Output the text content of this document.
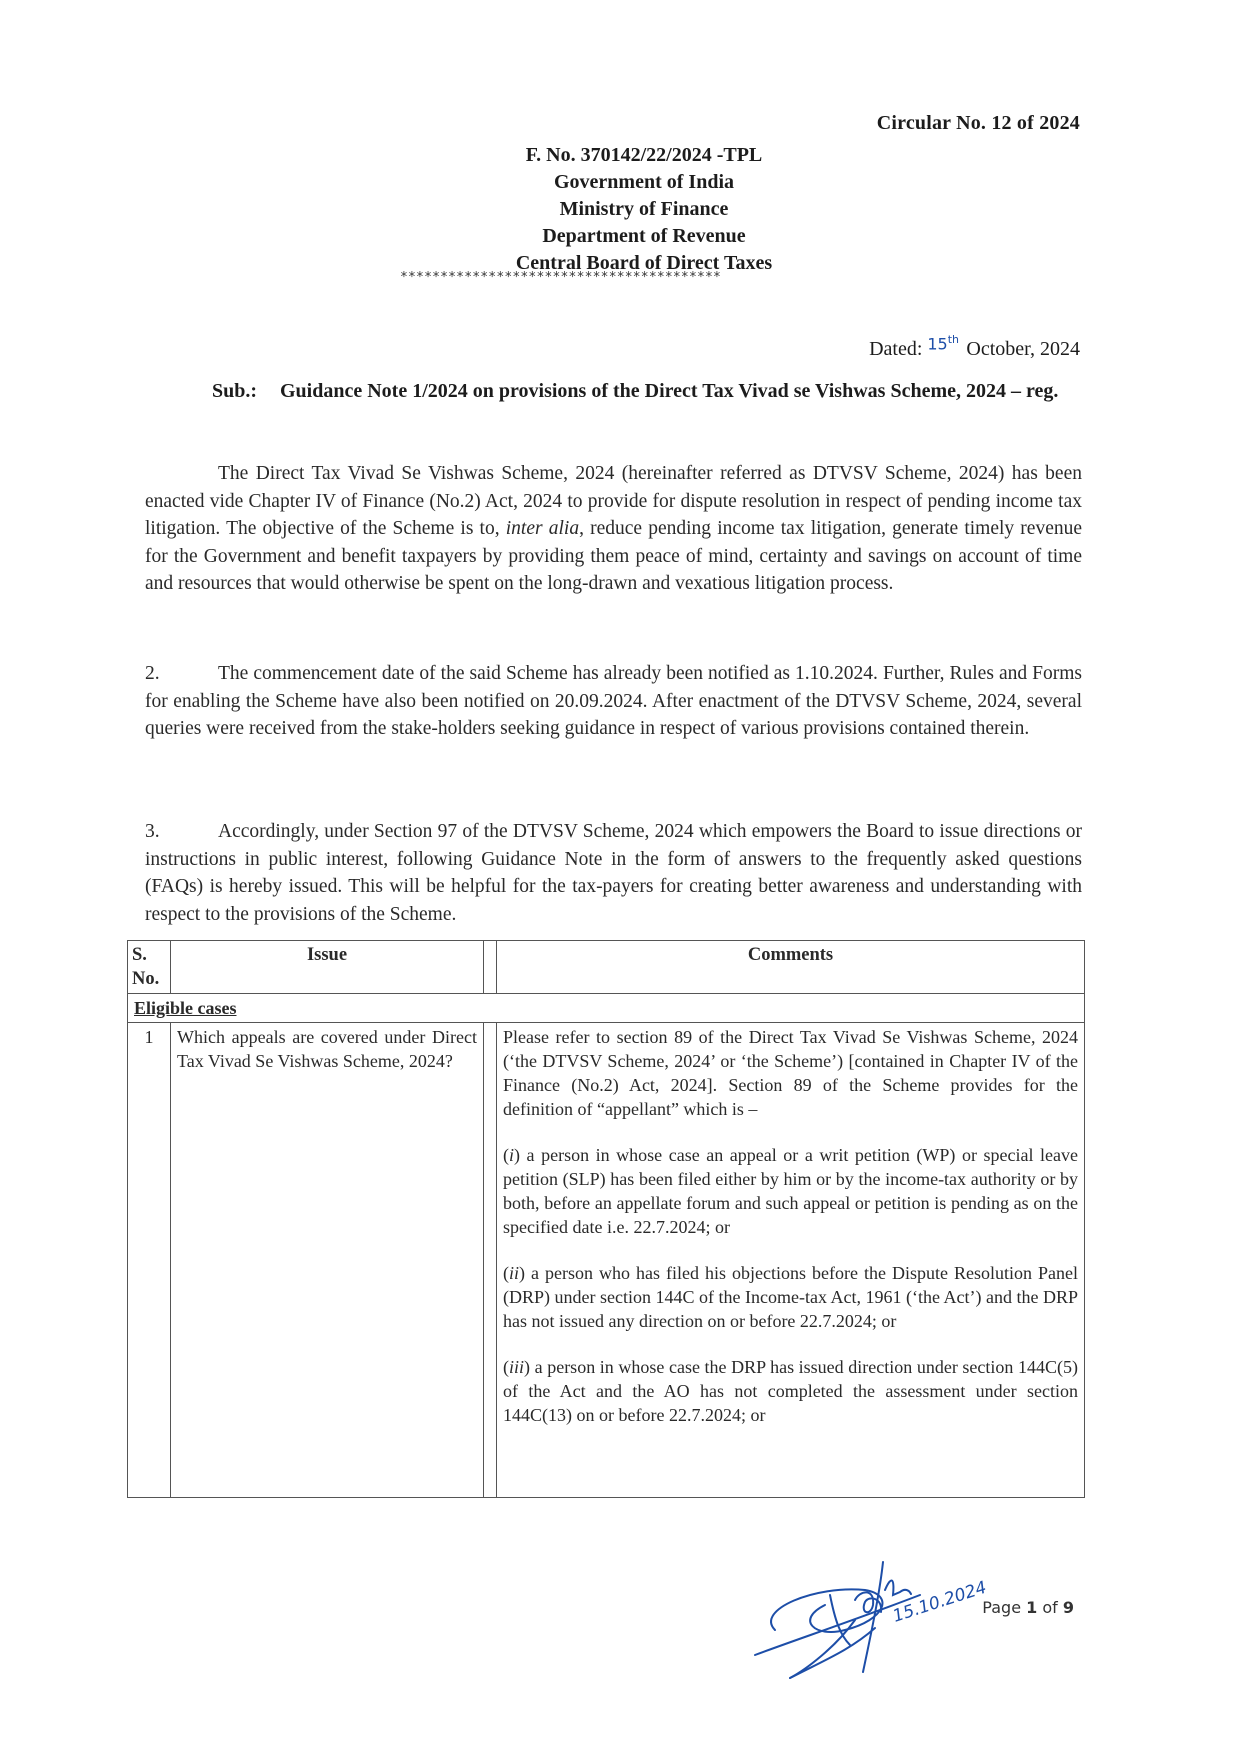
Circular No. 12 of 2024
F. No. 370142/22/2024 -TPL
Government of India
Ministry of Finance
Department of Revenue
Central Board of Direct Taxes
****************************************
Dated: 15th October, 2024
Sub.:	Guidance Note 1/2024 on provisions of the Direct Tax Vivad se Vishwas Scheme, 2024 – reg.
The Direct Tax Vivad Se Vishwas Scheme, 2024 (hereinafter referred as DTVSV Scheme, 2024) has been enacted vide Chapter IV of Finance (No.2) Act, 2024 to provide for dispute resolution in respect of pending income tax litigation. The objective of the Scheme is to, inter alia, reduce pending income tax litigation, generate timely revenue for the Government and benefit taxpayers by providing them peace of mind, certainty and savings on account of time and resources that would otherwise be spent on the long-drawn and vexatious litigation process.
2.	The commencement date of the said Scheme has already been notified as 1.10.2024. Further, Rules and Forms for enabling the Scheme have also been notified on 20.09.2024. After enactment of the DTVSV Scheme, 2024, several queries were received from the stake-holders seeking guidance in respect of various provisions contained therein.
3.	Accordingly, under Section 97 of the DTVSV Scheme, 2024 which empowers the Board to issue directions or instructions in public interest, following Guidance Note in the form of answers to the frequently asked questions (FAQs) is hereby issued. This will be helpful for the tax-payers for creating better awareness and understanding with respect to the provisions of the Scheme.
S. No.	Issue		Comments
Eligible cases			
1	Which appeals are covered under Direct Tax Vivad Se Vishwas Scheme, 2024?		Please refer to section 89 of the Direct Tax Vivad Se Vishwas Scheme, 2024 (‘the DTVSV Scheme, 2024’ or ‘the Scheme’) [contained in Chapter IV of the Finance (No.2) Act, 2024]. Section 89 of the Scheme provides for the definition of “appellant” which is –

(i) a person in whose case an appeal or a writ petition (WP) or special leave petition (SLP) has been filed either by him or by the income-tax authority or by both, before an appellate forum and such appeal or petition is pending as on the specified date i.e. 22.7.2024; or

(ii) a person who has filed his objections before the Dispute Resolution Panel (DRP) under section 144C of the Income-tax Act, 1961 (‘the Act’) and the DRP has not issued any direction on or before 22.7.2024; or

(iii) a person in whose case the DRP has issued direction under section 144C(5) of the Act and the AO has not completed the assessment under section 144C(13) on or before 22.7.2024; or

Page 1 of 9
15.10.2024
